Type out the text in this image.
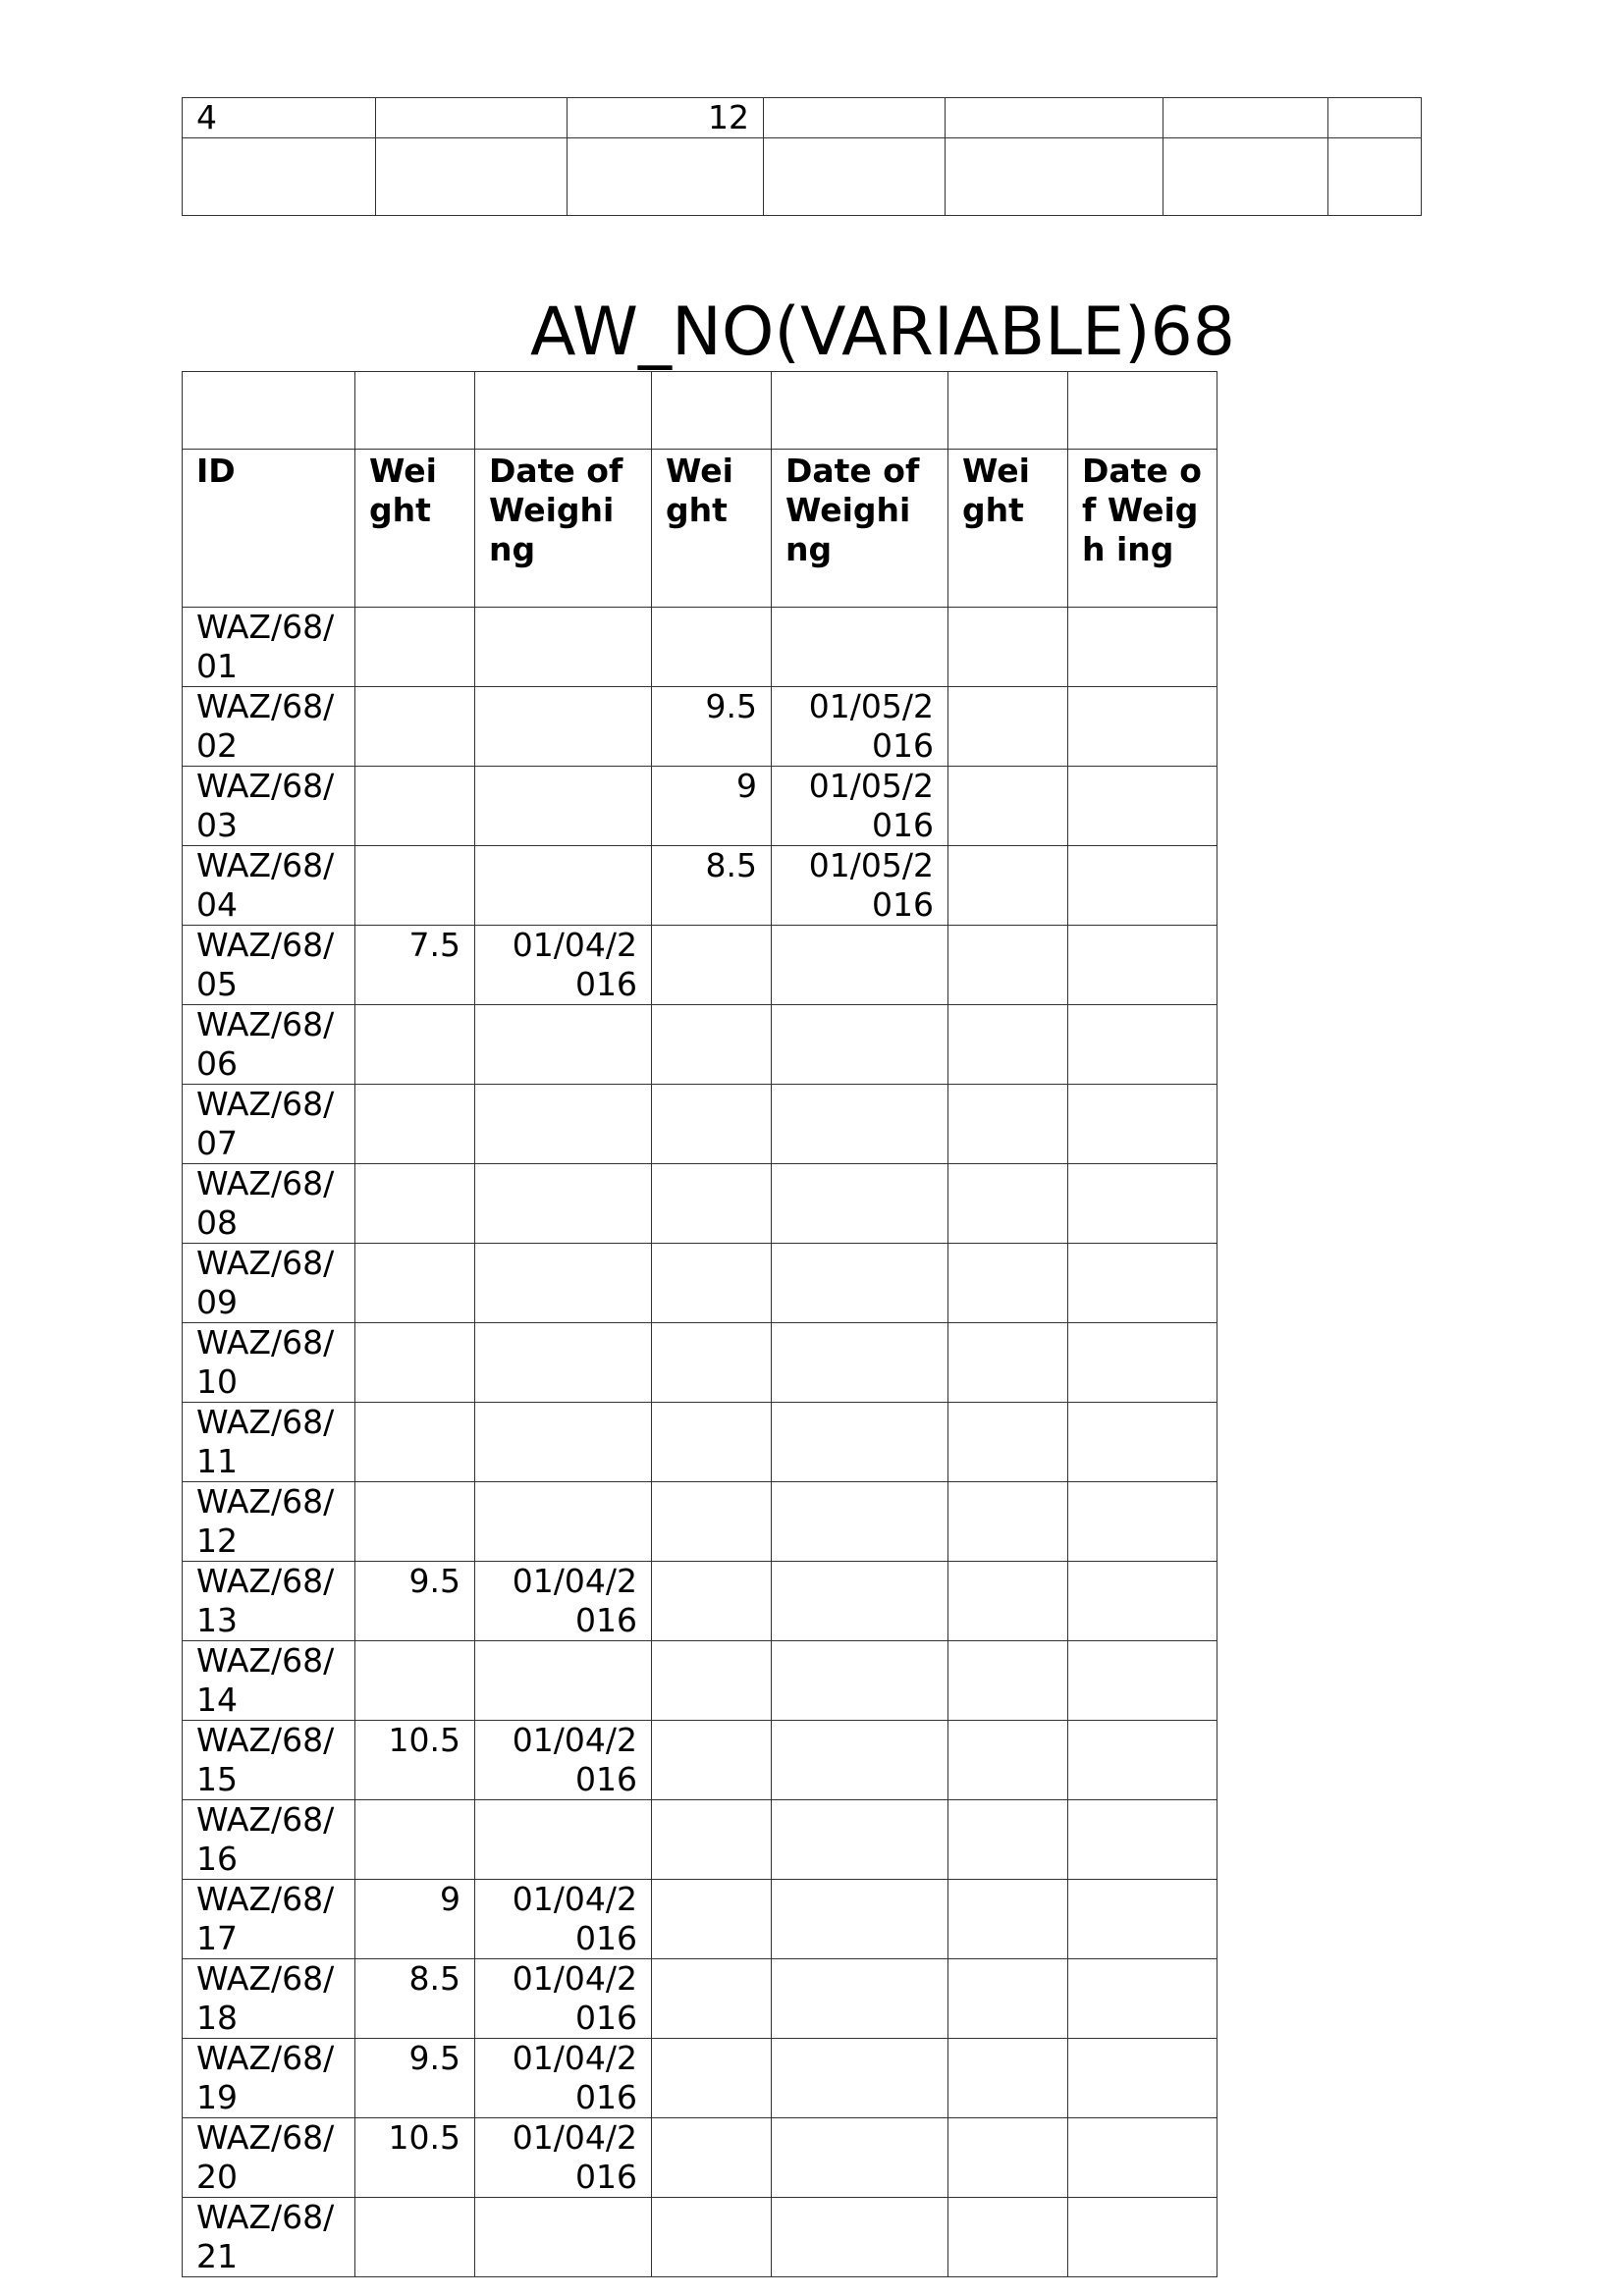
4		12				

AW_NO(VARIABLE)68

ID	Wei ght	Date of Weighi ng	Wei ght	Date of Weighi ng	Wei ght	Date of Weigh ing
WAZ/68/ 01						
WAZ/68/ 02			9.5	01/05/2 016		
WAZ/68/ 03			9	01/05/2 016		
WAZ/68/ 04			8.5	01/05/2 016		
WAZ/68/ 05	7.5	01/04/2 016				
WAZ/68/ 06						
WAZ/68/ 07						
WAZ/68/ 08						
WAZ/68/ 09						
WAZ/68/ 10						
WAZ/68/ 11						
WAZ/68/ 12						
WAZ/68/ 13	9.5	01/04/2 016				
WAZ/68/ 14						
WAZ/68/ 15	10.5	01/04/2 016				
WAZ/68/ 16						
WAZ/68/ 17	9	01/04/2 016				
WAZ/68/ 18	8.5	01/04/2 016				
WAZ/68/ 19	9.5	01/04/2 016				
WAZ/68/ 20	10.5	01/04/2 016				
WAZ/68/ 21						
